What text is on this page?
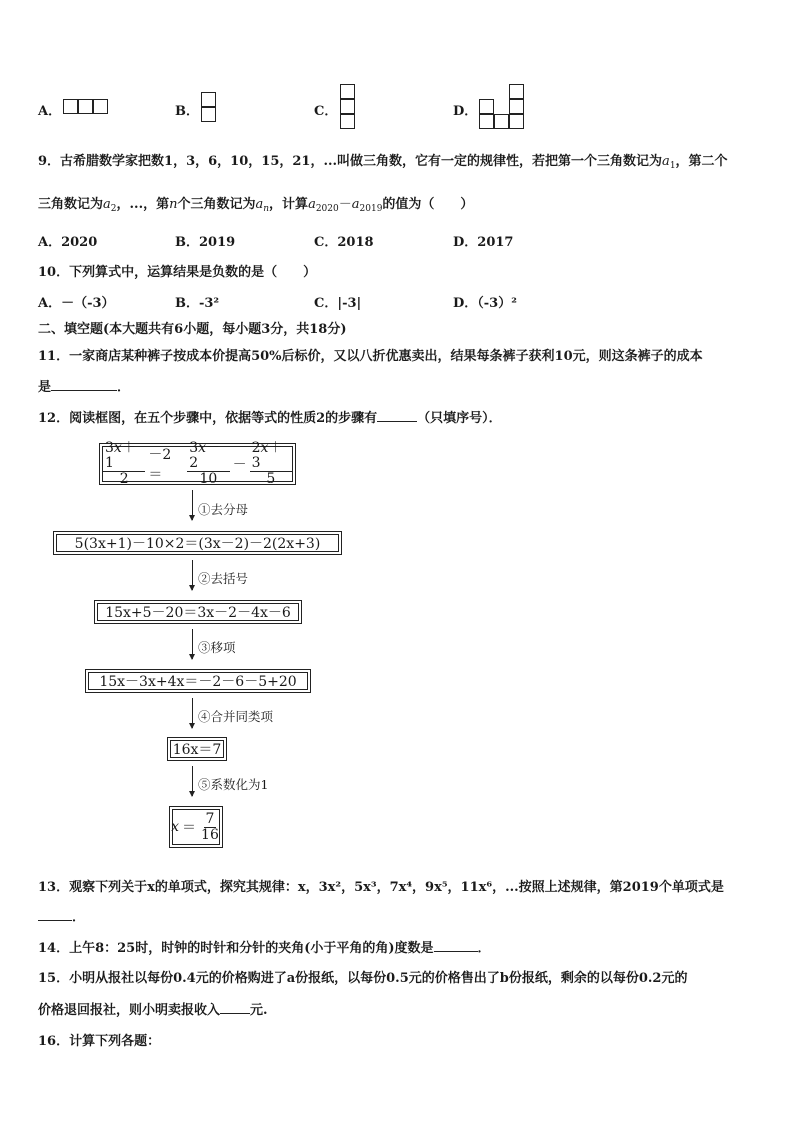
A．	B．	C．	D．
9．古希腊数学家把数1，3，6，10，15，21，...叫做三角数，它有一定的规律性，若把第一个三角数记为$a_1$，第二个
三角数记为$a_2$，...，第n个三角数记为$a_n$，计算$a_{2020}-a_{2019}$的值为（　　）
A．2020	B．2019	C．2018	D．2017
10．下列算式中，运算结果是负数的是（　　）
A．－（-3）	B．-3²	C．|-3|	D．（-3）²
二、填空题(本大题共有6小题，每小题3分，共18分)
11．一家商店某种裤子按成本价提高50%后标价，又以八折优惠卖出，结果每条裤子获利10元，则这条裤子的成本
是	．
12．阅读框图，在五个步骤中，依据等式的性质2的步骤有	（只填序号）．
$\frac{3x+1}{2} -2=$	$\frac{3x-2}{10} - \frac{2x+3}{5}$
①去分母
5(3x+1)－10×2＝(3x－2)－2(2x+3)
②去括号
15x+5－20＝3x－2－4x－6
③移项
15x－3x+4x＝－2－6－5+20
④合并同类项
16x＝7
⑤系数化为1
$x = \frac{7}{16}$
13．观察下列关于x的单项式，探究其规律：x，3x²，5x³，7x⁴，9x⁵，11x⁶，...按照上述规律，第2019个单项式是
．
14．上午8：25时，时钟的时针和分针的夹角(小于平角的角)度数是	．
15．小明从报社以每份0.4元的价格购进了a份报纸，以每份0.5元的价格售出了b份报纸，剩余的以每份0.2元的
价格退回报社，则小明卖报收入 元.
16．计算下列各题：
